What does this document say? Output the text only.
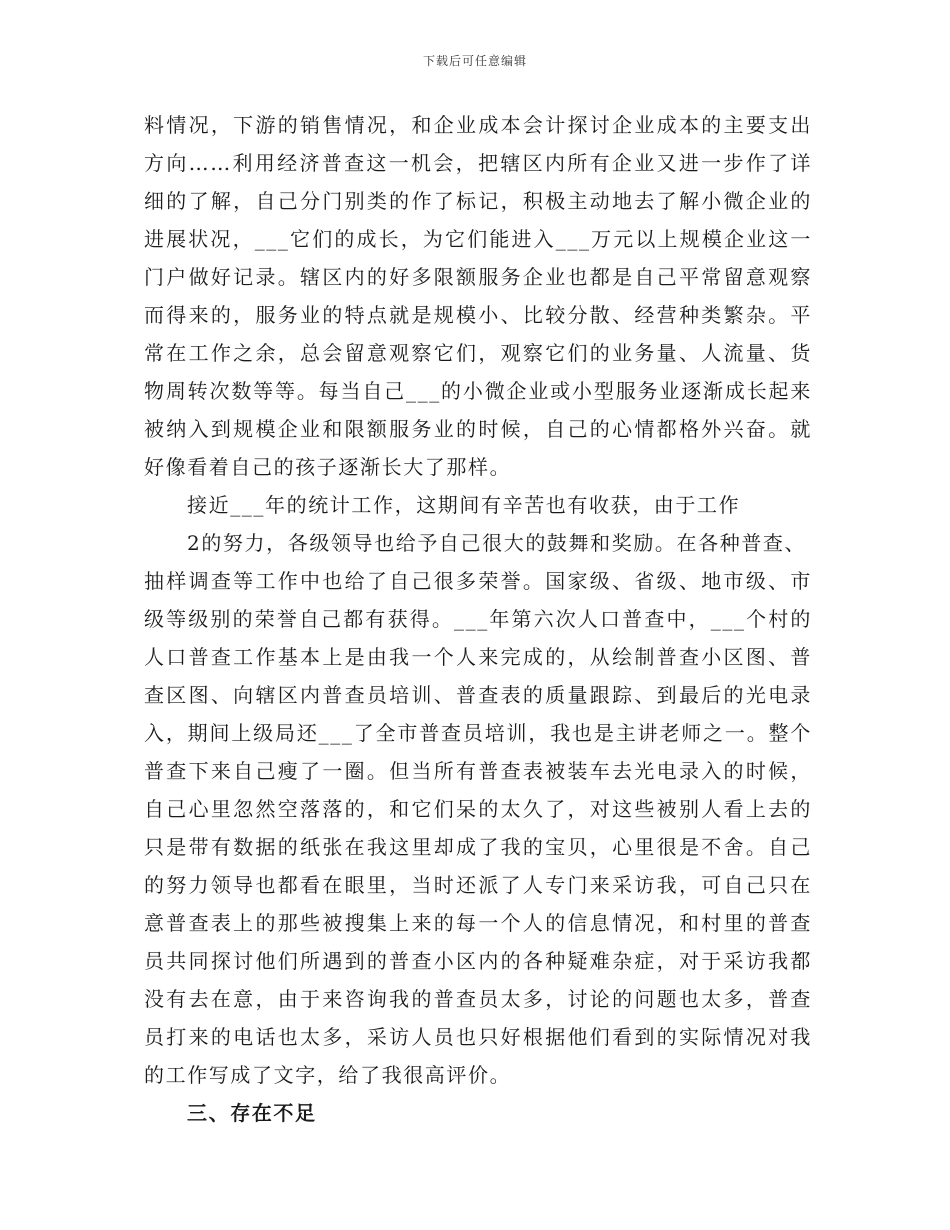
下载后可任意编辑
料情况，下游的销售情况，和企业成本会计探讨企业成本的主要支出
方向……利用经济普查这一机会，把辖区内所有企业又进一步作了详
细的了解，自己分门别类的作了标记，积极主动地去了解小微企业的
进展状况，___它们的成长，为它们能进入___万元以上规模企业这一
门户做好记录。辖区内的好多限额服务企业也都是自己平常留意观察
而得来的，服务业的特点就是规模小、比较分散、经营种类繁杂。平
常在工作之余，总会留意观察它们，观察它们的业务量、人流量、货
物周转次数等等。每当自己___的小微企业或小型服务业逐渐成长起来
被纳入到规模企业和限额服务业的时候，自己的心情都格外兴奋。就
好像看着自己的孩子逐渐长大了那样。
接近___年的统计工作，这期间有辛苦也有收获，由于工作
2的努力，各级领导也给予自己很大的鼓舞和奖励。在各种普查、
抽样调查等工作中也给了自己很多荣誉。国家级、省级、地市级、市
级等级别的荣誉自己都有获得。___年第六次人口普查中，___个村的
人口普查工作基本上是由我一个人来完成的，从绘制普查小区图、普
查区图、向辖区内普查员培训、普查表的质量跟踪、到最后的光电录
入，期间上级局还___了全市普查员培训，我也是主讲老师之一。整个
普查下来自己瘦了一圈。但当所有普查表被装车去光电录入的时候，
自己心里忽然空落落的，和它们呆的太久了，对这些被别人看上去的
只是带有数据的纸张在我这里却成了我的宝贝，心里很是不舍。自己
的努力领导也都看在眼里，当时还派了人专门来采访我，可自己只在
意普查表上的那些被搜集上来的每一个人的信息情况，和村里的普查
员共同探讨他们所遇到的普查小区内的各种疑难杂症，对于采访我都
没有去在意，由于来咨询我的普查员太多，讨论的问题也太多，普查
员打来的电话也太多，采访人员也只好根据他们看到的实际情况对我
的工作写成了文字，给了我很高评价。
三、存在不足
